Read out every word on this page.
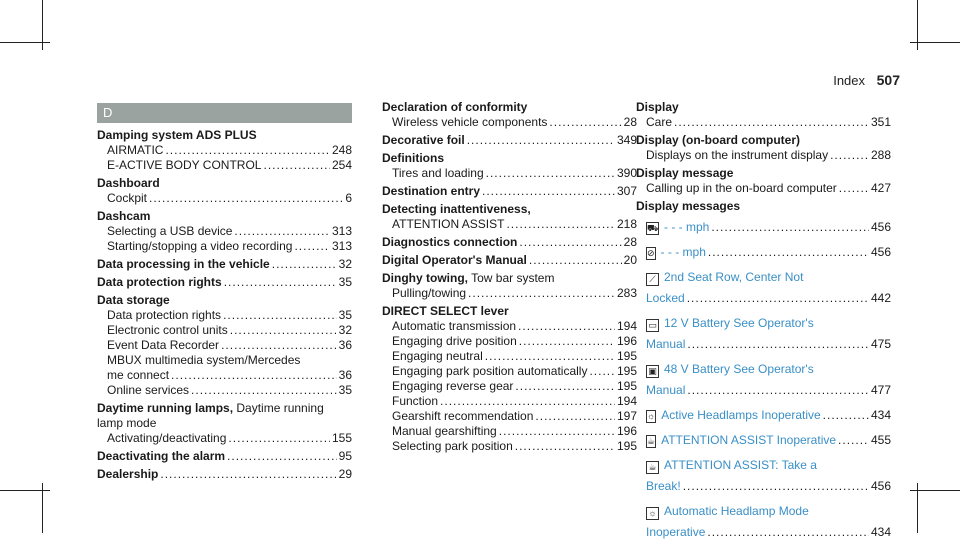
Index 507
D
Damping system ADS PLUS
AIRMATIC .....	248
E-ACTIVE BODY CONTROL .....	254
Dashboard
Cockpit .....	6
Dashcam
Selecting a USB device .....	313
Starting/stopping a video recording .....	313
Data processing in the vehicle .....	32
Data protection rights .....	35
Data storage
Data protection rights .....	35
Electronic control units .....	32
Event Data Recorder .....	36
MBUX multimedia system/Mercedes
me connect .....	36
Online services .....	35
Daytime running lamps, Daytime running
lamp mode
Activating/deactivating .....	155
Deactivating the alarm .....	95
Dealership .....	29
Declaration of conformity
Wireless vehicle components .....	28
Decorative foil .....	349
Definitions
Tires and loading .....	390
Destination entry .....	307
Detecting inattentiveness,
ATTENTION ASSIST .....	218
Diagnostics connection .....	28
Digital Operator's Manual .....	20
Dinghy towing, Tow bar system
Pulling/towing .....	283
DIRECT SELECT lever
Automatic transmission .....	194
Engaging drive position .....	196
Engaging neutral .....	195
Engaging park position automatically ..... 195
Engaging reverse gear .....	195
Function .....	194
Gearshift recommendation .....	197
Manual gearshifting .....	196
Selecting park position .....	195
Display
Care .....	351
Display (on-board computer)
Displays on the instrument display .....	288
Display message
Calling up in the on-board computer .....	427
Display messages
⛟ - - - mph .....	456
⊘ - - - mph .....	456
⟋ 2nd Seat Row, Center Not
Locked .....	442
▭ 12 V Battery See Operator's
Manual .....	475
▣ 48 V Battery See Operator's
Manual .....	477
☼ Active Headlamps Inoperative .....	434
☕ ATTENTION ASSIST Inoperative .....	455
☕ ATTENTION ASSIST: Take a
Break! .....	456
☼ Automatic Headlamp Mode
Inoperative .....	434
